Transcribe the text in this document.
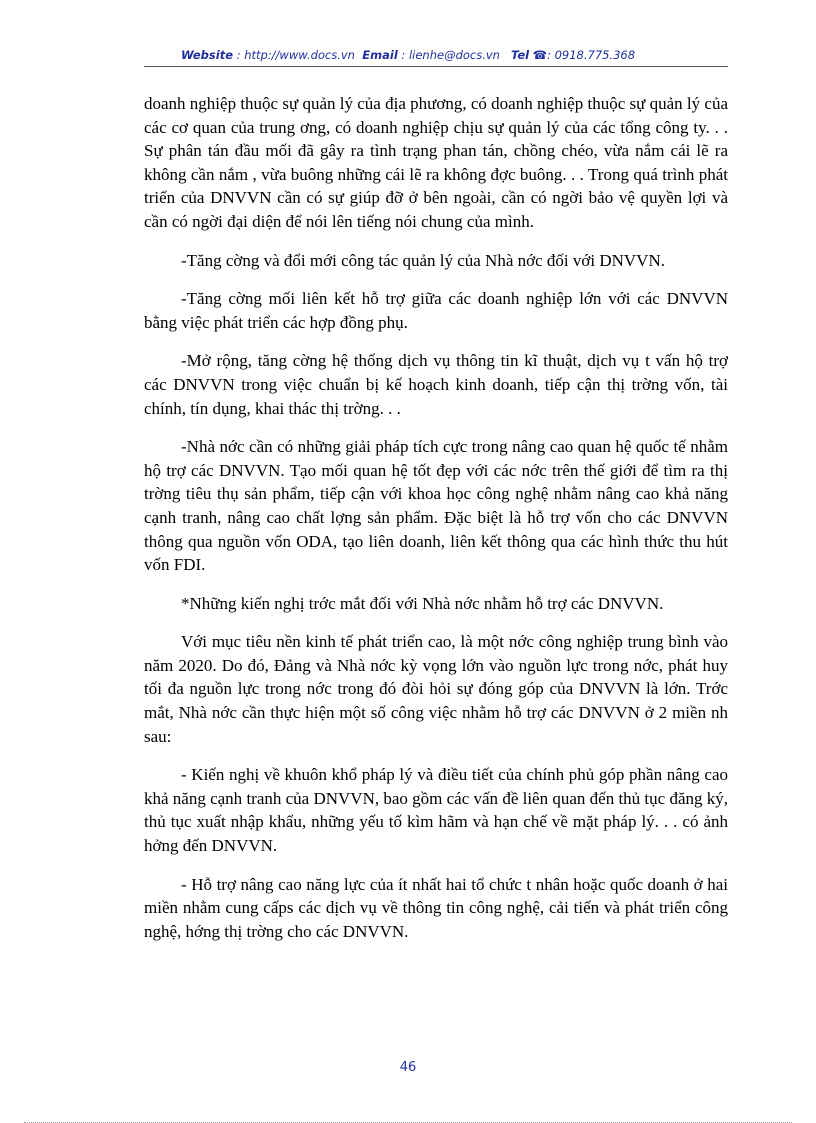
Website : http://www.docs.vn Email : lienhe@docs.vn Tel ☎: 0918.775.368

doanh nghiệp thuộc sự quản lý của địa phương, có doanh nghiệp thuộc sự quản lý của các cơ quan của trung ơng, có doanh nghiệp chịu sự quản lý của các tổng công ty. . . Sự phân tán đầu mối đã gây ra tình trạng phan tán, chồng chéo, vừa nắm cái lẽ ra không cần nắm , vừa buông những cái lẽ ra không đợc buông. . . Trong quá trình phát triển của DNVVN cần có sự giúp đỡ ở bên ngoài, cần có ngời bảo vệ quyền lợi và cần có ngời đại diện để nói lên tiếng nói chung của mình.

-Tăng cờng và đổi mới công tác quản lý của Nhà nớc đối với DNVVN.

-Tăng cờng mối liên kết hỗ trợ giữa các doanh nghiệp lớn với các DNVVN bằng việc phát triển các hợp đồng phụ.

-Mở rộng, tăng cờng hệ thống dịch vụ thông tin kĩ thuật, dịch vụ t vấn hộ trợ các DNVVN trong việc chuẩn bị kế hoạch kinh doanh, tiếp cận thị trờng vốn, tài chính, tín dụng, khai thác thị trờng. . .

-Nhà nớc cần có những giải pháp tích cực trong nâng cao quan hệ quốc tế nhằm hộ trợ các DNVVN. Tạo mối quan hệ tốt đẹp với các nớc trên thế giới để tìm ra thị trờng tiêu thụ sản phẩm, tiếp cận với khoa học công nghệ nhằm nâng cao khả năng cạnh tranh, nâng cao chất lợng sản phẩm. Đặc biệt là hỗ trợ vốn cho các DNVVN thông qua nguồn vốn ODA, tạo liên doanh, liên kết thông qua các hình thức thu hút vốn FDI.

*Những kiến nghị trớc mắt đối với Nhà nớc nhằm hỗ trợ các DNVVN.

Với mục tiêu nền kinh tế phát triển cao, là một nớc công nghiệp trung bình vào năm 2020. Do đó, Đảng và Nhà nớc kỳ vọng lớn vào nguồn lực trong nớc, phát huy tối đa nguồn lực trong nớc trong đó đòi hỏi sự đóng góp của DNVVN là lớn. Trớc mắt, Nhà nớc cần thực hiện một số công việc nhằm hỗ trợ các DNVVN ở 2 miền nh sau:

- Kiến nghị về khuôn khổ pháp lý và điều tiết của chính phủ góp phần nâng cao khả năng cạnh tranh của DNVVN, bao gồm các vấn đề liên quan đến thủ tục đăng ký, thủ tục xuất nhập khẩu, những yếu tố kìm hãm và hạn chế về mặt pháp lý. . . có ảnh hởng đến DNVVN.

- Hỗ trợ nâng cao năng lực của ít nhất hai tổ chức t nhân hoặc quốc doanh ở hai miền nhằm cung cấps các dịch vụ về thông tin công nghệ, cải tiến và phát triển công nghệ, hớng thị trờng cho các DNVVN.

46
